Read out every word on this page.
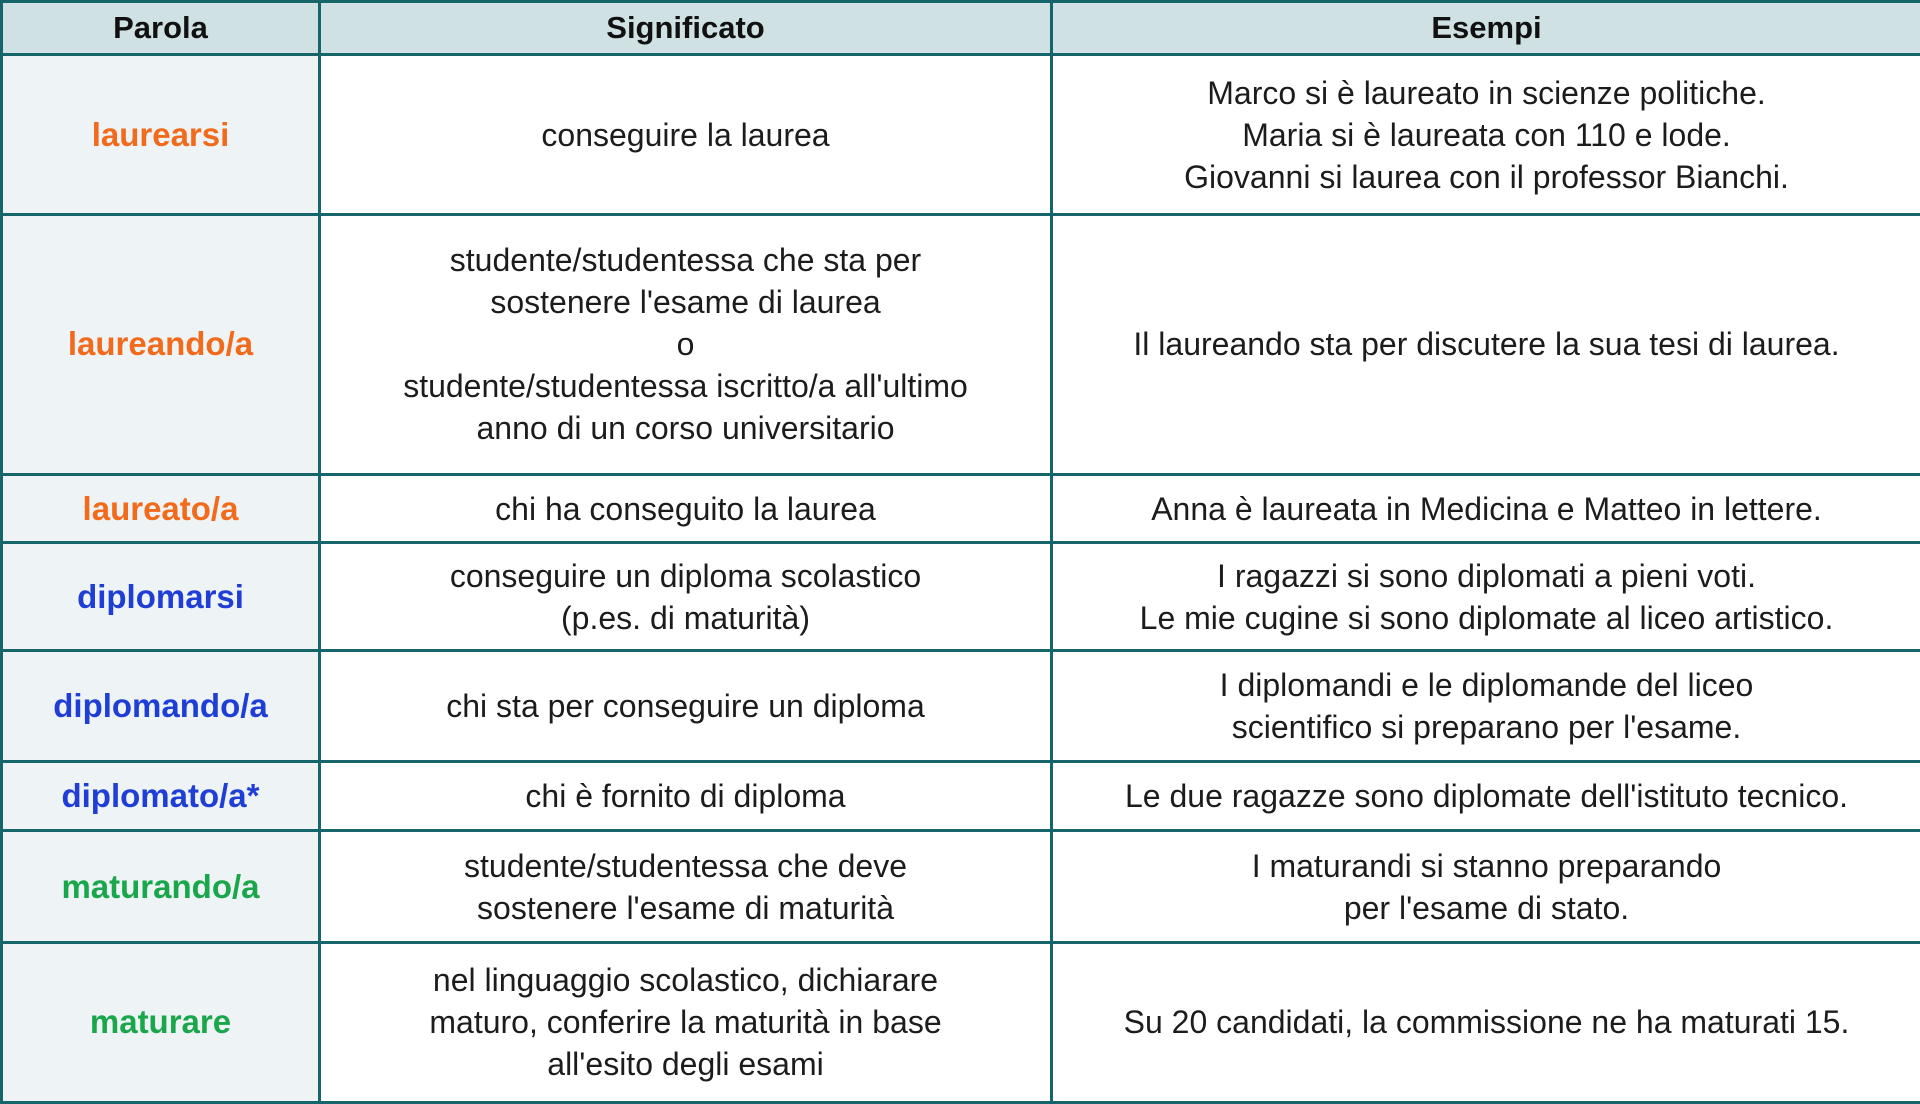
Parola	Significato	Esempi
laurearsi	conseguire la laurea	Marco si è laureato in scienze politiche.
Maria si è laureata con 110 e lode.
Giovanni si laurea con il professor Bianchi.

laureando/a	studente/studentessa che sta per
sostenere l'esame di laurea
o
studente/studentessa iscritto/a all'ultimo
anno di un corso universitario	Il laureando sta per discutere la sua tesi di laurea.

laureato/a	chi ha conseguito la laurea	Anna è laureata in Medicina e Matteo in lettere.

diplomarsi	conseguire un diploma scolastico
(p.es. di maturità)	I ragazzi si sono diplomati a pieni voti.
Le mie cugine si sono diplomate al liceo artistico.

diplomando/a	chi sta per conseguire un diploma	I diplomandi e le diplomande del liceo
scientifico si preparano per l'esame.

diplomato/a*	chi è fornito di diploma	Le due ragazze sono diplomate dell'istituto tecnico.

maturando/a	studente/studentessa che deve
sostenere l'esame di maturità	I maturandi si stanno preparando
per l'esame di stato.

maturare	nel linguaggio scolastico, dichiarare
maturo, conferire la maturità in base
all'esito degli esami	Su 20 candidati, la commissione ne ha maturati 15.
